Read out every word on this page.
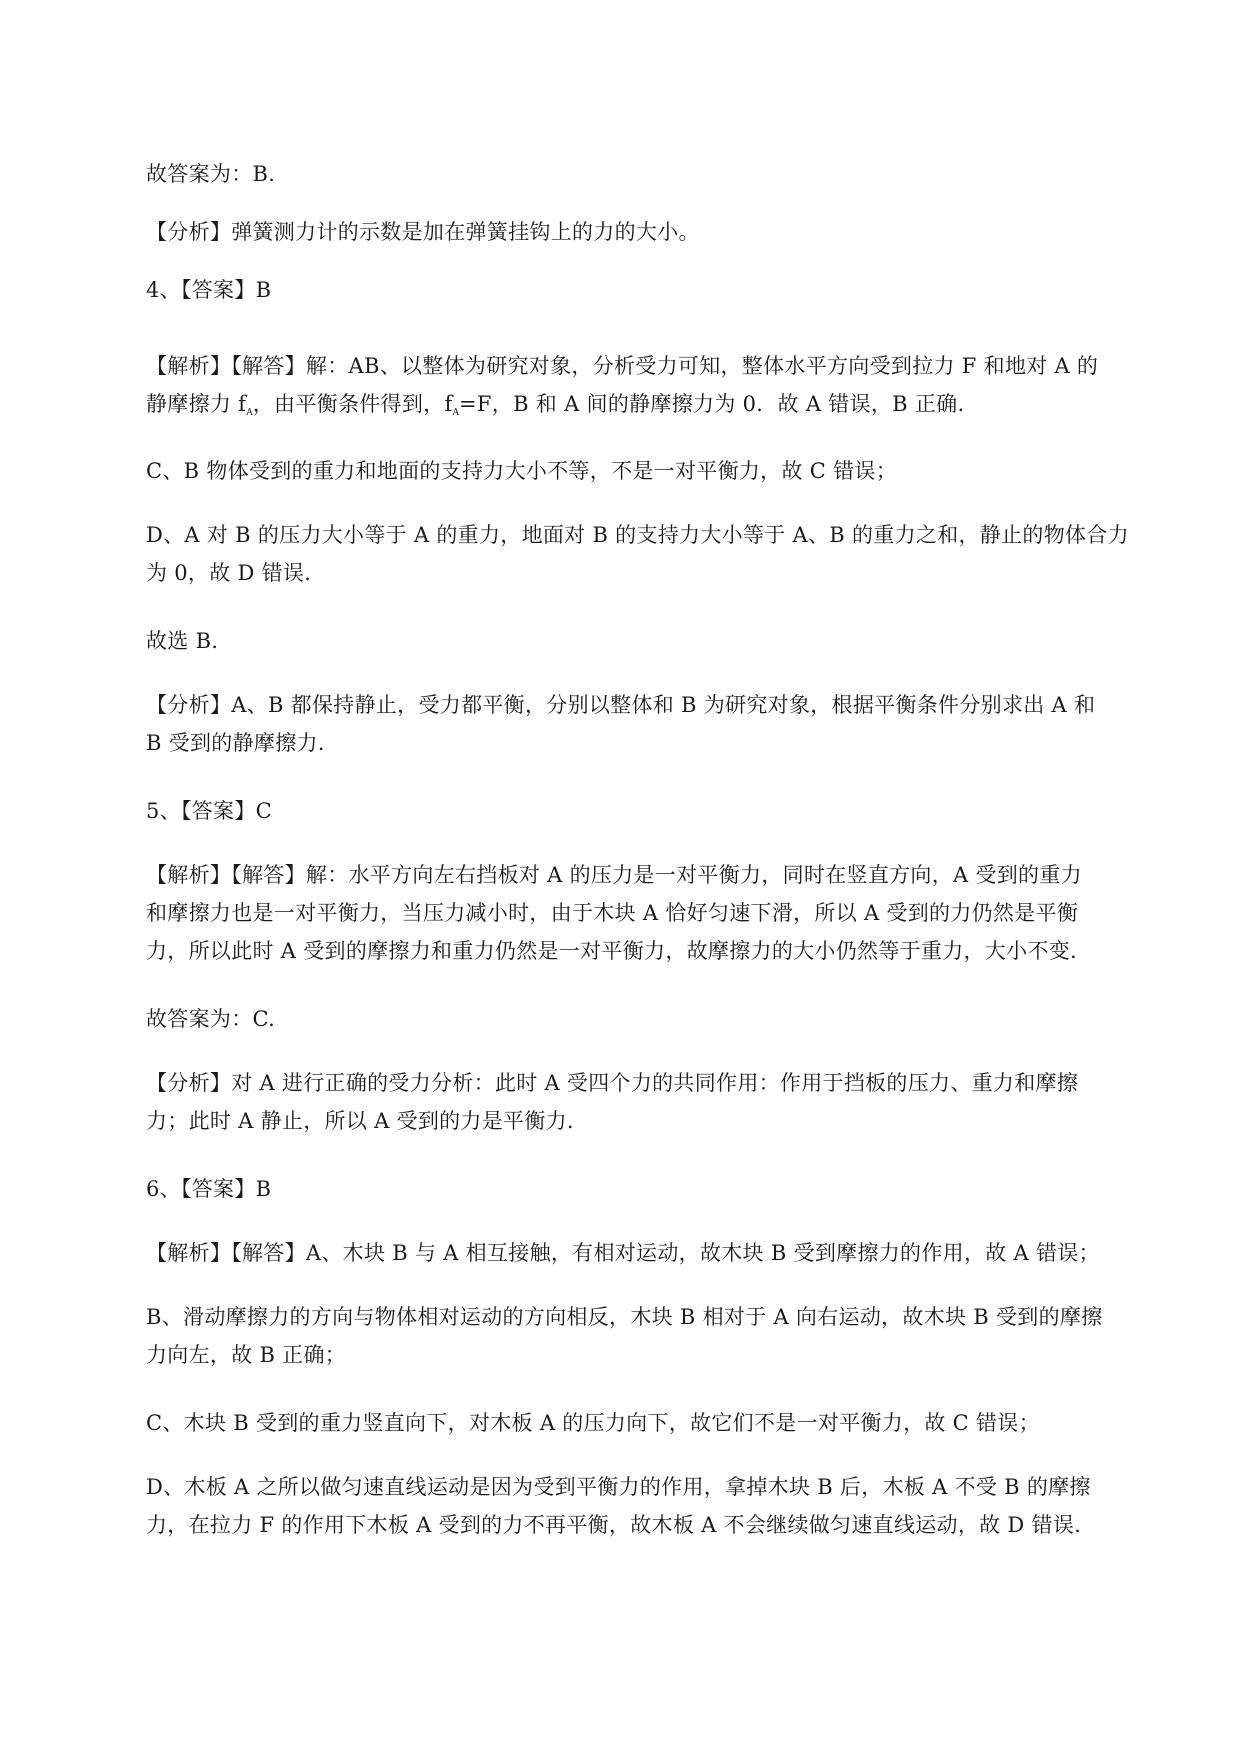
故答案为：B.
【分析】弹簧测力计的示数是加在弹簧挂钩上的力的大小。
4、【答案】B
【解析】【解答】解：AB、以整体为研究对象，分析受力可知，整体水平方向受到拉力 F 和地对 A 的
静摩擦力 $f_A$，由平衡条件得到，$f_A=F$，B 和 A 间的静摩擦力为 0．故 A 错误，B 正确.
C、B 物体受到的重力和地面的支持力大小不等，不是一对平衡力，故 C 错误；
D、A 对 B 的压力大小等于 A 的重力，地面对 B 的支持力大小等于 A、B 的重力之和，静止的物体合力
为 0，故 D 错误.
故选 B.
【分析】A、B 都保持静止，受力都平衡，分别以整体和 B 为研究对象，根据平衡条件分别求出 A 和
B 受到的静摩擦力.
5、【答案】C
【解析】【解答】解：水平方向左右挡板对 A 的压力是一对平衡力，同时在竖直方向，A 受到的重力
和摩擦力也是一对平衡力，当压力减小时，由于木块 A 恰好匀速下滑，所以 A 受到的力仍然是平衡
力，所以此时 A 受到的摩擦力和重力仍然是一对平衡力，故摩擦力的大小仍然等于重力，大小不变.
故答案为：C.
【分析】对 A 进行正确的受力分析：此时 A 受四个力的共同作用：作用于挡板的压力、重力和摩擦
力；此时 A 静止，所以 A 受到的力是平衡力.
6、【答案】B
【解析】【解答】A、木块 B 与 A 相互接触，有相对运动，故木块 B 受到摩擦力的作用，故 A 错误；
B、滑动摩擦力的方向与物体相对运动的方向相反，木块 B 相对于 A 向右运动，故木块 B 受到的摩擦
力向左，故 B 正确；
C、木块 B 受到的重力竖直向下，对木板 A 的压力向下，故它们不是一对平衡力，故 C 错误；
D、木板 A 之所以做匀速直线运动是因为受到平衡力的作用，拿掉木块 B 后，木板 A 不受 B 的摩擦
力，在拉力 F 的作用下木板 A 受到的力不再平衡，故木板 A 不会继续做匀速直线运动，故 D 错误.
